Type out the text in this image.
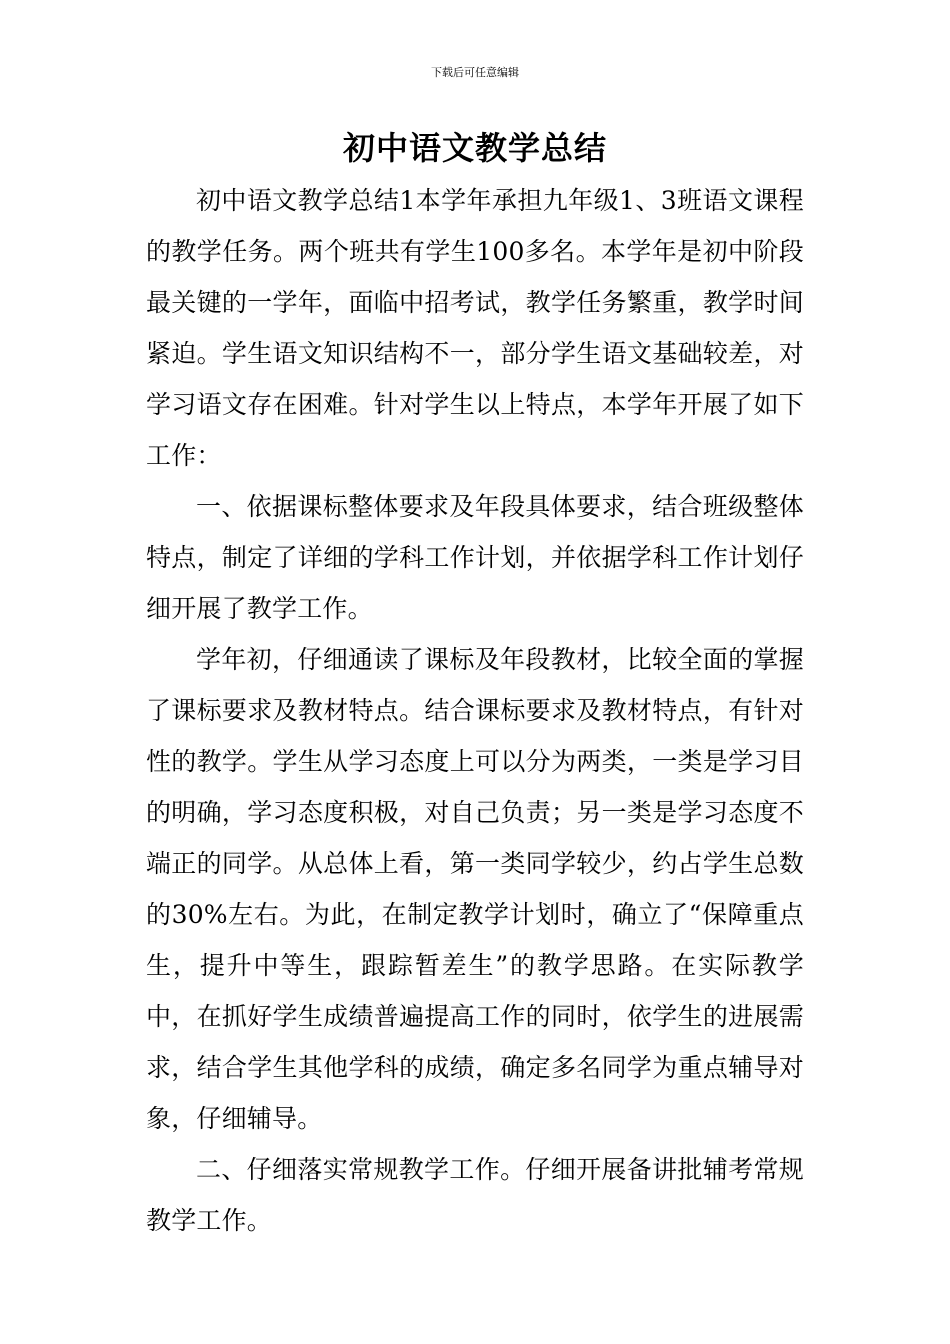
下载后可任意编辑
初中语文教学总结

初中语文教学总结1本学年承担九年级1、3班语文课程的教学任务。两个班共有学生100多名。本学年是初中阶段最关键的一学年，面临中招考试，教学任务繁重，教学时间紧迫。学生语文知识结构不一，部分学生语文基础较差，对学习语文存在困难。针对学生以上特点，本学年开展了如下工作：

一、依据课标整体要求及年段具体要求，结合班级整体特点，制定了详细的学科工作计划，并依据学科工作计划仔细开展了教学工作。

学年初，仔细通读了课标及年段教材，比较全面的掌握了课标要求及教材特点。结合课标要求及教材特点，有针对性的教学。学生从学习态度上可以分为两类，一类是学习目的明确，学习态度积极，对自己负责；另一类是学习态度不端正的同学。从总体上看，第一类同学较少，约占学生总数的30%左右。为此，在制定教学计划时，确立了“保障重点生，提升中等生，跟踪暂差生”的教学思路。在实际教学中，在抓好学生成绩普遍提高工作的同时，依学生的进展需求，结合学生其他学科的成绩，确定多名同学为重点辅导对象，仔细辅导。

二、仔细落实常规教学工作。仔细开展备讲批辅考常规教学工作。
